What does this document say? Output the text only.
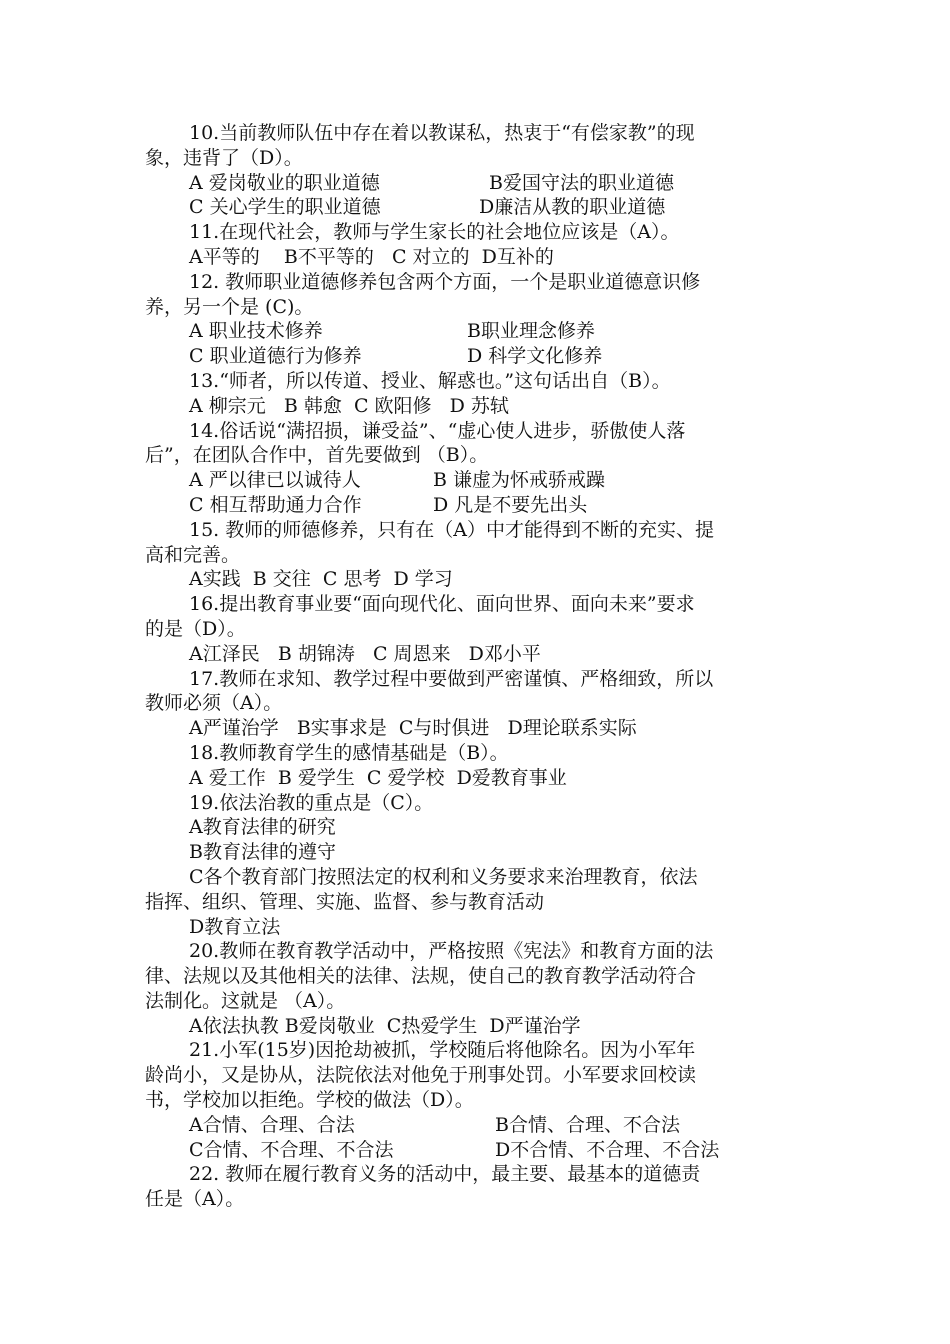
10.当前教师队伍中存在着以教谋私，热衷于“有偿家教”的现
象，违背了（D）。
A 爱岗敬业的职业道德	B爱国守法的职业道德
C 关心学生的职业道德	D廉洁从教的职业道德
11.在现代社会，教师与学生家长的社会地位应该是（A）。
A平等的    B不平等的   C 对立的  D互补的
12. 教师职业道德修养包含两个方面，一个是职业道德意识修
养，另一个是 (C)。
A 职业技术修养	B职业理念修养
C 职业道德行为修养	D 科学文化修养
13.“师者，所以传道、授业、解惑也。”这句话出自（B）。
A 柳宗元   B 韩愈  C 欧阳修   D 苏轼
14.俗话说“满招损，谦受益”、“虚心使人进步，骄傲使人落
后”，在团队合作中，首先要做到 （B）。
A 严以律已以诚待人	B 谦虚为怀戒骄戒躁
C 相互帮助通力合作	D 凡是不要先出头
15. 教师的师德修养，只有在（A）中才能得到不断的充实、提
高和完善。
A实践  B 交往  C 思考  D 学习
16.提出教育事业要“面向现代化、面向世界、面向未来”要求
的是（D）。
A江泽民   B 胡锦涛   C 周恩来   D邓小平
17.教师在求知、教学过程中要做到严密谨慎、严格细致，所以
教师必须（A）。
A严谨治学   B实事求是  C与时俱进   D理论联系实际
18.教师教育学生的感情基础是（B）。
A 爱工作  B 爱学生  C 爱学校  D爱教育事业
19.依法治教的重点是（C）。
A教育法律的研究
B教育法律的遵守
C各个教育部门按照法定的权利和义务要求来治理教育，依法
指挥、组织、管理、实施、监督、参与教育活动
D教育立法
20.教师在教育教学活动中，严格按照《宪法》和教育方面的法
律、法规以及其他相关的法律、法规，使自己的教育教学活动符合
法制化。这就是 （A）。
A依法执教 B爱岗敬业  C热爱学生  D严谨治学
21.小军(15岁)因抢劫被抓，学校随后将他除名。因为小军年
龄尚小，又是协从，法院依法对他免于刑事处罚。小军要求回校读
书，学校加以拒绝。学校的做法（D）。
A合情、合理、合法	B合情、合理、不合法
C合情、不合理、不合法	D不合情、不合理、不合法
22. 教师在履行教育义务的活动中，最主要、最基本的道德责
任是（A）。
